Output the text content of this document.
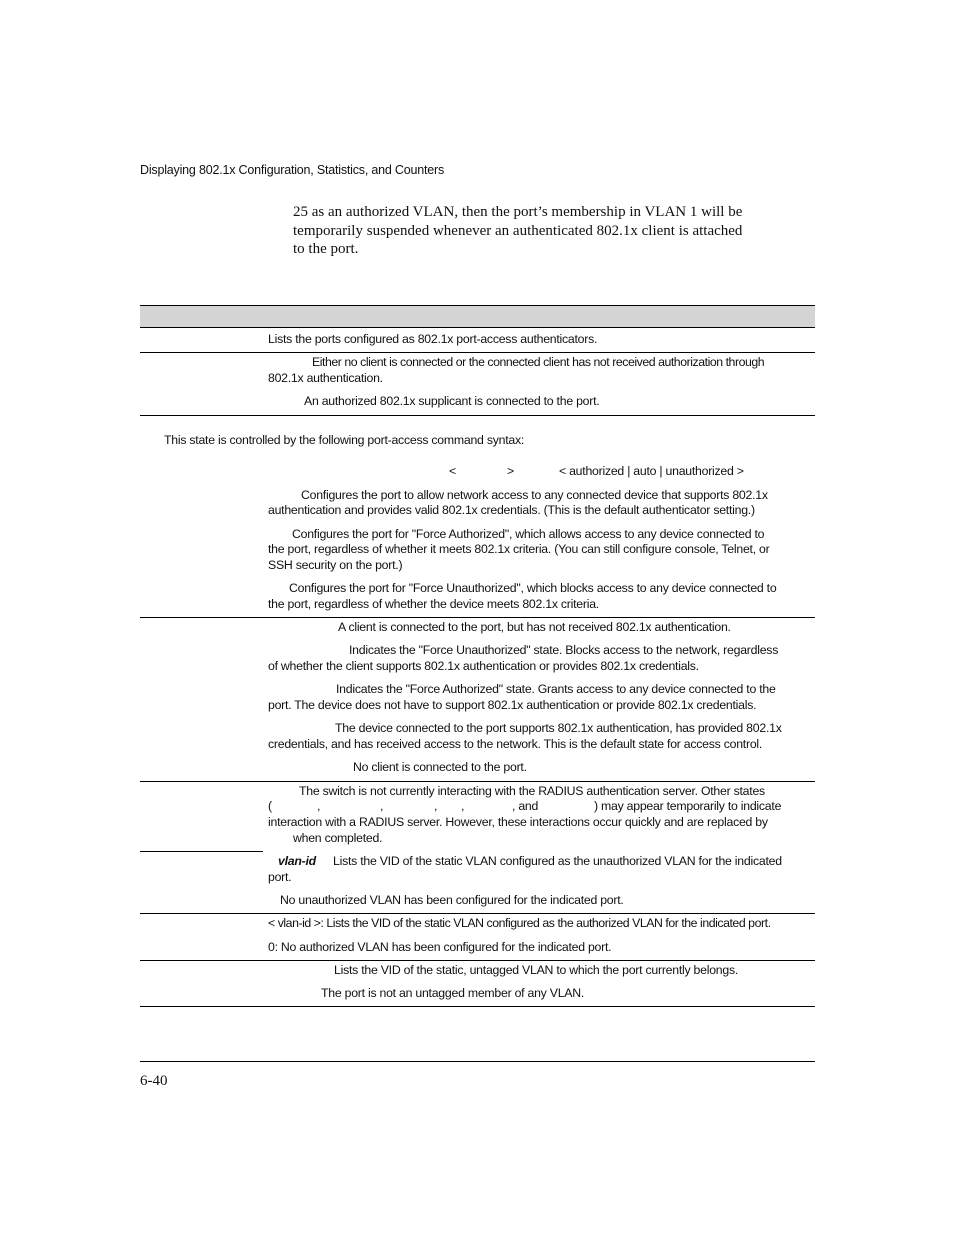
Displaying 802.1x Configuration, Statistics, and Counters
25 as an authorized VLAN, then the port’s membership in VLAN 1 will be
temporarily suspended whenever an authenticated 802.1x client is attached
to the port.
Lists the ports configured as 802.1x port-access authenticators.
Either no client is connected or the connected client has not received authorization through
802.1x authentication.
An authorized 802.1x supplicant is connected to the port.
This state is controlled by the following port-access command syntax:
<	>	< authorized | auto | unauthorized >
Configures the port to allow network access to any connected device that supports 802.1x
authentication and provides valid 802.1x credentials. (This is the default authenticator setting.)
Configures the port for "Force Authorized", which allows access to any device connected to
the port, regardless of whether it meets 802.1x criteria. (You can still configure console, Telnet, or
SSH security on the port.)
Configures the port for "Force Unauthorized", which blocks access to any device connected to
the port, regardless of whether the device meets 802.1x criteria.
A client is connected to the port, but has not received 802.1x authentication.
Indicates the "Force Unauthorized" state. Blocks access to the network, regardless
of whether the client supports 802.1x authentication or provides 802.1x credentials.
Indicates the "Force Authorized" state. Grants access to any device connected to the
port. The device does not have to support 802.1x authentication or provide 802.1x credentials.
The device connected to the port supports 802.1x authentication, has provided 802.1x
credentials, and has received access to the network. This is the default state for access control.
No client is connected to the port.
The switch is not currently interacting with the RADIUS authentication server. Other states
(	,	,	, ,	, and	) may appear temporarily to indicate
interaction with a RADIUS server. However, these interactions occur quickly and are replaced by
when completed.
vlan-id Lists the VID of the static VLAN configured as the unauthorized VLAN for the indicated
port.
No unauthorized VLAN has been configured for the indicated port.
< vlan-id >: Lists the VID of the static VLAN configured as the authorized VLAN for the indicated port.
0: No authorized VLAN has been configured for the indicated port.
Lists the VID of the static, untagged VLAN to which the port currently belongs.
The port is not an untagged member of any VLAN.
6-40
